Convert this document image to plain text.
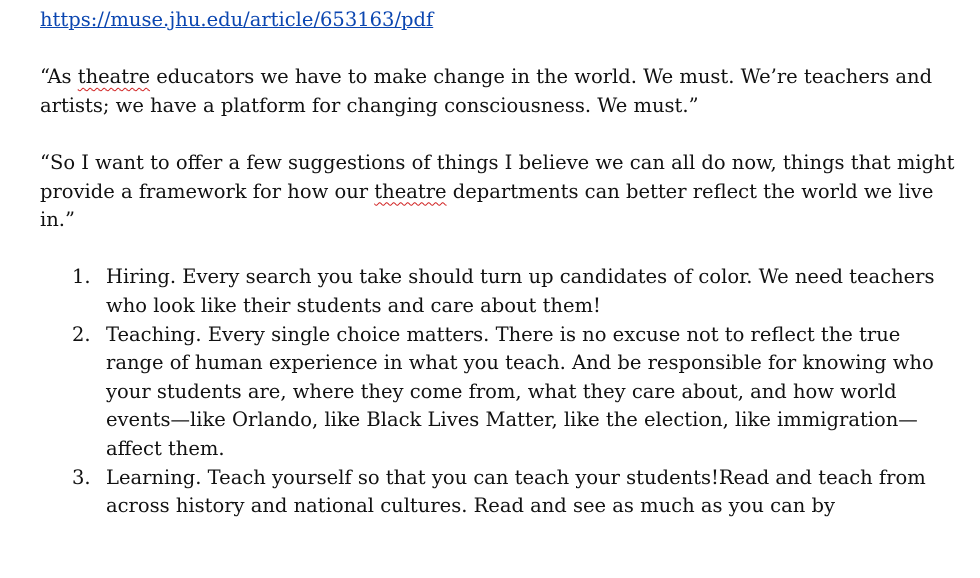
https://muse.jhu.edu/article/653163/pdf

“As theatre educators we have to make change in the world. We must. We’re teachers and artists; we have a platform for changing consciousness. We must.”

“So I want to offer a few suggestions of things I believe we can all do now, things that might provide a framework for how our theatre departments can better reflect the world we live in.”

1. Hiring. Every search you take should turn up candidates of color. We need teachers who look like their students and care about them!
2. Teaching. Every single choice matters. There is no excuse not to reflect the true range of human experience in what you teach. And be responsible for knowing who your students are, where they come from, what they care about, and how world events—like Orlando, like Black Lives Matter, like the election, like immigration—affect them.
3. Learning. Teach yourself so that you can teach your students!Read and teach from across history and national cultures. Read and see as much as you can by
